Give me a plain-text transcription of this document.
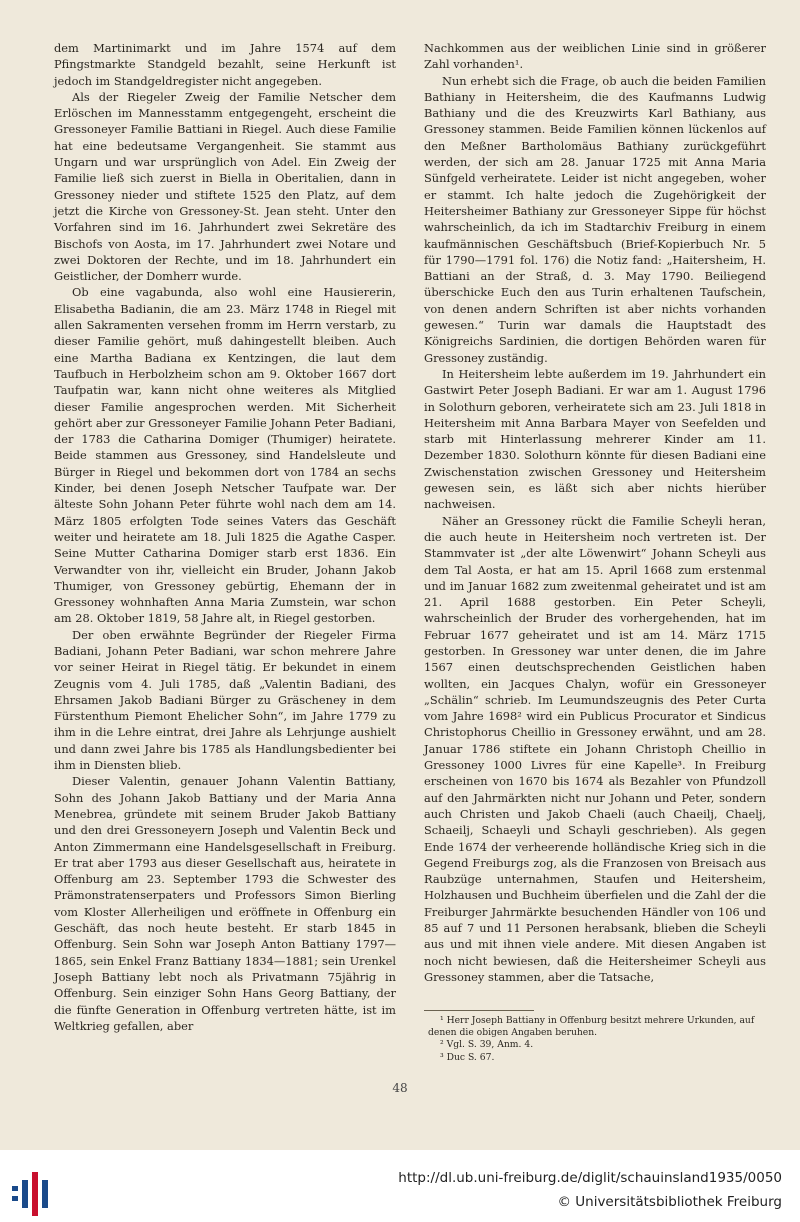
dem Martinimarkt und im Jahre 1574 auf dem Pfingstmarkte Standgeld bezahlt, seine Herkunft ist jedoch im Standgeldregister nicht angegeben.

Als der Riegeler Zweig der Familie Netscher dem Erlöschen im Mannesstamm entgegengeht, erscheint die Gressoneyer Familie Battiani in Riegel. Auch diese Familie hat eine bedeutsame Vergangenheit. Sie stammt aus Ungarn und war ursprünglich von Adel. Ein Zweig der Familie ließ sich zuerst in Biella in Oberitalien, dann in Gressoney nieder und stiftete 1525 den Platz, auf dem jetzt die Kirche von Gressoney-St. Jean steht. Unter den Vorfahren sind im 16. Jahrhundert zwei Sekretäre des Bischofs von Aosta, im 17. Jahrhundert zwei Notare und zwei Doktoren der Rechte, und im 18. Jahrhundert ein Geistlicher, der Domherr wurde.

Ob eine vagabunda, also wohl eine Hausiererin, Elisabetha Badianin, die am 23. März 1748 in Riegel mit allen Sakramenten versehen fromm im Herrn verstarb, zu dieser Familie gehört, muß dahingestellt bleiben. Auch eine Martha Badiana ex Kentzingen, die laut dem Taufbuch in Herbolzheim schon am 9. Oktober 1667 dort Taufpatin war, kann nicht ohne weiteres als Mitglied dieser Familie angesprochen werden. Mit Sicherheit gehört aber zur Gressoneyer Familie Johann Peter Badiani, der 1783 die Catharina Domiger (Thumiger) heiratete. Beide stammen aus Gressoney, sind Handelsleute und Bürger in Riegel und bekommen dort von 1784 an sechs Kinder, bei denen Joseph Netscher Taufpate war. Der älteste Sohn Johann Peter führte wohl nach dem am 14. März 1805 erfolgten Tode seines Vaters das Geschäft weiter und heiratete am 18. Juli 1825 die Agathe Casper. Seine Mutter Catharina Domiger starb erst 1836. Ein Verwandter von ihr, vielleicht ein Bruder, Johann Jakob Thumiger, von Gressoney gebürtig, Ehemann der in Gressoney wohnhaften Anna Maria Zumstein, war schon am 28. Oktober 1819, 58 Jahre alt, in Riegel gestorben.

Der oben erwähnte Begründer der Riegeler Firma Badiani, Johann Peter Badiani, war schon mehrere Jahre vor seiner Heirat in Riegel tätig. Er bekundet in einem Zeugnis vom 4. Juli 1785, daß „Valentin Badiani, des Ehrsamen Jakob Badiani Bürger zu Gräscheney in dem Fürstenthum Piemont Ehelicher Sohn“, im Jahre 1779 zu ihm in die Lehre eintrat, drei Jahre als Lehrjunge aushielt und dann zwei Jahre bis 1785 als Handlungsbedienter bei ihm in Diensten blieb.

Dieser Valentin, genauer Johann Valentin Battiany, Sohn des Johann Jakob Battiany und der Maria Anna Menebrea, gründete mit seinem Bruder Jakob Battiany und den drei Gressoneyern Joseph und Valentin Beck und Anton Zimmermann eine Handelsgesellschaft in Freiburg. Er trat aber 1793 aus dieser Gesellschaft aus, heiratete in Offenburg am 23. September 1793 die Schwester des Prämonstratenserpaters und Professors Simon Bierling vom Kloster Allerheiligen und eröffnete in Offenburg ein Geschäft, das noch heute besteht. Er starb 1845 in Offenburg. Sein Sohn war Joseph Anton Battiany 1797—1865, sein Enkel Franz Battiany 1834—1881; sein Urenkel Joseph Battiany lebt noch als Privatmann 75jährig in Offenburg. Sein einziger Sohn Hans Georg Battiany, der die fünfte Generation in Offenburg vertreten hätte, ist im Weltkrieg gefallen, aber

Nachkommen aus der weiblichen Linie sind in größerer Zahl vorhanden¹.

Nun erhebt sich die Frage, ob auch die beiden Familien Bathiany in Heitersheim, die des Kaufmanns Ludwig Bathiany und die des Kreuzwirts Karl Bathiany, aus Gressoney stammen. Beide Familien können lückenlos auf den Meßner Bartholomäus Bathiany zurückgeführt werden, der sich am 28. Januar 1725 mit Anna Maria Sünfgeld verheiratete. Leider ist nicht angegeben, woher er stammt. Ich halte jedoch die Zugehörigkeit der Heitersheimer Bathiany zur Gressoneyer Sippe für höchst wahrscheinlich, da ich im Stadtarchiv Freiburg in einem kaufmännischen Geschäftsbuch (Brief-Kopierbuch Nr. 5 für 1790—1791 fol. 176) die Notiz fand: „Haitersheim, H. Battiani an der Straß, d. 3. May 1790. Beiliegend überschicke Euch den aus Turin erhaltenen Taufschein, von denen andern Schriften ist aber nichts vorhanden gewesen.“ Turin war damals die Hauptstadt des Königreichs Sardinien, die dortigen Behörden waren für Gressoney zuständig.

In Heitersheim lebte außerdem im 19. Jahrhundert ein Gastwirt Peter Joseph Badiani. Er war am 1. August 1796 in Solothurn geboren, verheiratete sich am 23. Juli 1818 in Heitersheim mit Anna Barbara Mayer von Seefelden und starb mit Hinterlassung mehrerer Kinder am 11. Dezember 1830. Solothurn könnte für diesen Badiani eine Zwischenstation zwischen Gressoney und Heitersheim gewesen sein, es läßt sich aber nichts hierüber nachweisen.

Näher an Gressoney rückt die Familie Scheyli heran, die auch heute in Heitersheim noch vertreten ist. Der Stammvater ist „der alte Löwenwirt“ Johann Scheyli aus dem Tal Aosta, er hat am 15. April 1668 zum erstenmal und im Januar 1682 zum zweitenmal geheiratet und ist am 21. April 1688 gestorben. Ein Peter Scheyli, wahrscheinlich der Bruder des vorhergehenden, hat im Februar 1677 geheiratet und ist am 14. März 1715 gestorben. In Gressoney war unter denen, die im Jahre 1567 einen deutschsprechenden Geistlichen haben wollten, ein Jacques Chalyn, wofür ein Gressoneyer „Schälin“ schrieb. Im Leumundszeugnis des Peter Curta vom Jahre 1698² wird ein Publicus Procurator et Sindicus Christophorus Cheillio in Gressoney erwähnt, und am 28. Januar 1786 stiftete ein Johann Christoph Cheillio in Gressoney 1000 Livres für eine Kapelle³. In Freiburg erscheinen von 1670 bis 1674 als Bezahler von Pfundzoll auf den Jahrmärkten nicht nur Johann und Peter, sondern auch Christen und Jakob Chaeli (auch Chaeilj, Chaelj, Schaeilj, Schaeyli und Schayli geschrieben). Als gegen Ende 1674 der verheerende holländische Krieg sich in die Gegend Freiburgs zog, als die Franzosen von Breisach aus Raubzüge unternahmen, Staufen und Heitersheim, Holzhausen und Buchheim überfielen und die Zahl der die Freiburger Jahrmärkte besuchenden Händler von 106 und 85 auf 7 und 11 Personen herabsank, blieben die Scheyli aus und mit ihnen viele andere. Mit diesen Angaben ist noch nicht bewiesen, daß die Heitersheimer Scheyli aus Gressoney stammen, aber die Tatsache,

¹ Herr Joseph Battiany in Offenburg besitzt mehrere Urkunden, auf denen die obigen Angaben beruhen.

² Vgl. S. 39, Anm. 4.

³ Duc S. 67.

48
http://dl.ub.uni-freiburg.de/diglit/schauinsland1935/0050
© Universitätsbibliothek Freiburg
